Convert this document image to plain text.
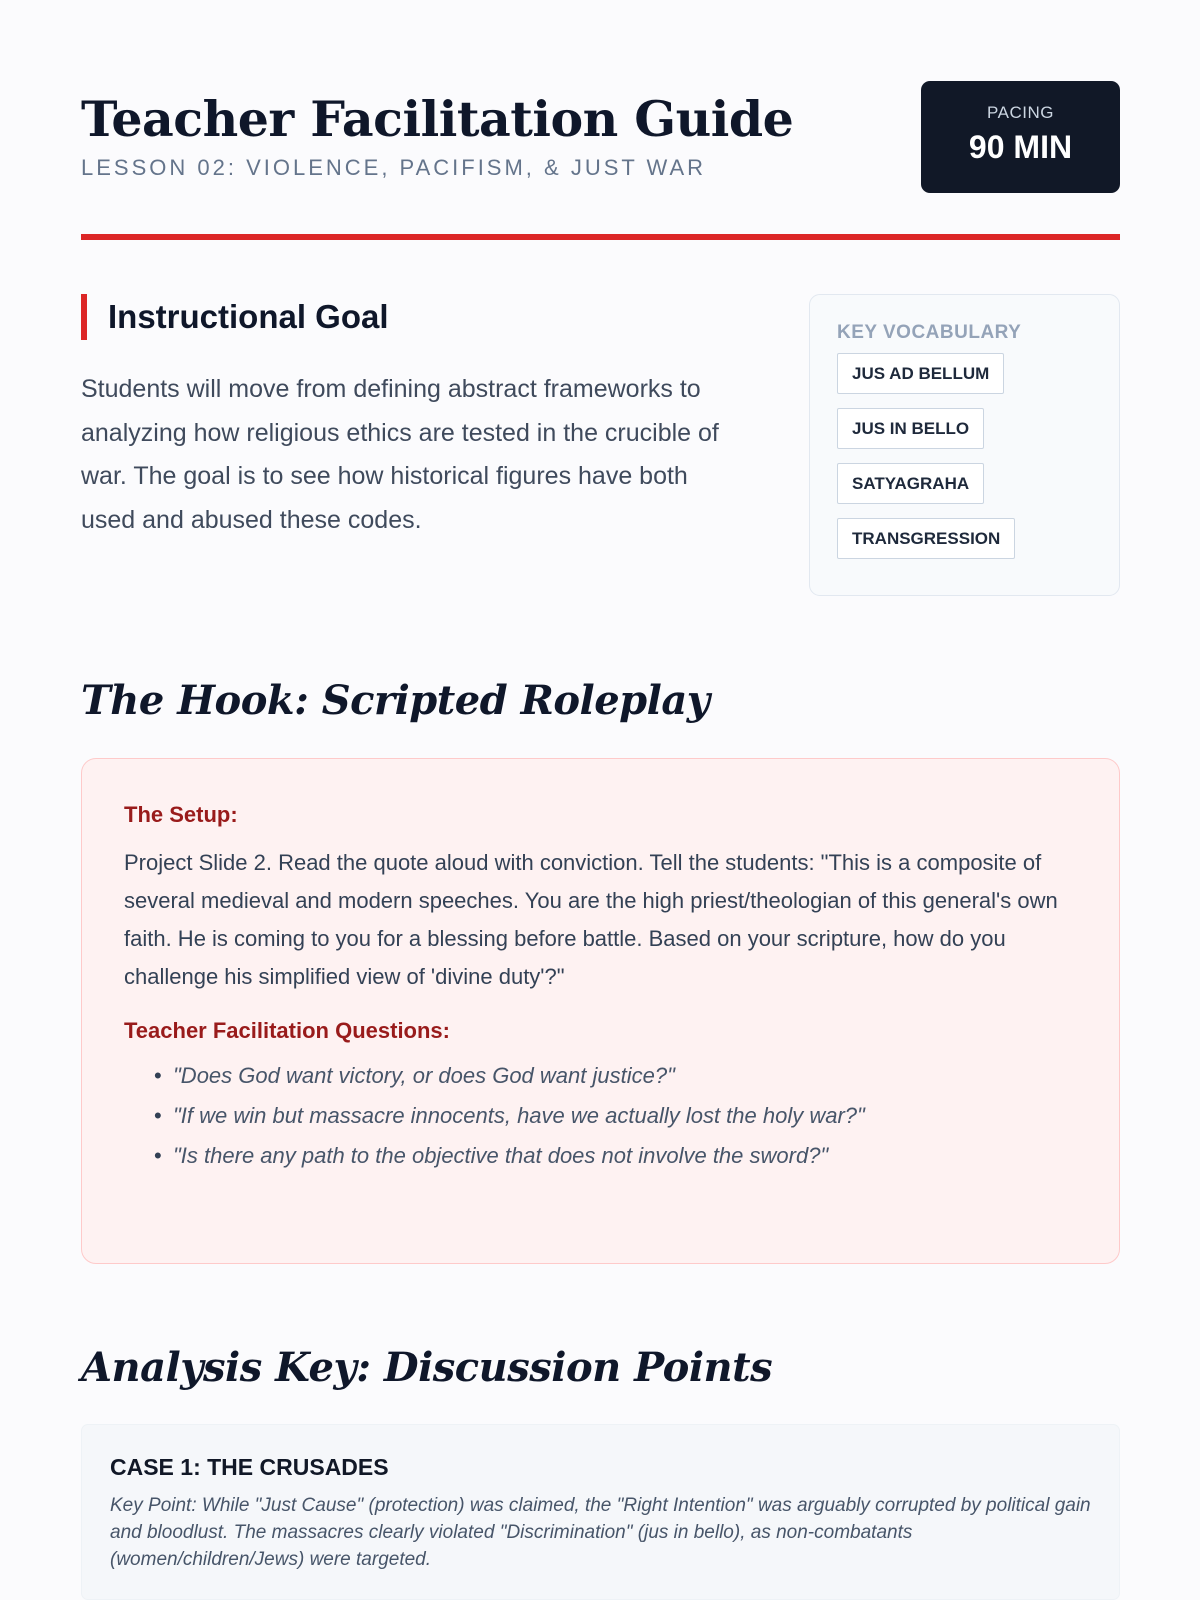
Teacher Facilitation Guide
LESSON 02: VIOLENCE, PACIFISM, & JUST WAR
PACING
90 MIN
Instructional Goal

Students will move from defining abstract frameworks to analyzing how religious ethics are tested in the crucible of war. The goal is to see how historical figures have both used and abused these codes.

KEY VOCABULARY
JUS AD BELLUM
JUS IN BELLO
SATYAGRAHA
TRANSGRESSION
The Hook: Scripted Roleplay
The Setup:

Project Slide 2. Read the quote aloud with conviction. Tell the students: "This is a composite of several medieval and modern speeches. You are the high priest/theologian of this general's own faith. He is coming to you for a blessing before battle. Based on your scripture, how do you challenge his simplified view of 'divine duty'?"

Teacher Facilitation Questions:
• "Does God want victory, or does God want justice?"
• "If we win but massacre innocents, have we actually lost the holy war?"
• "Is there any path to the objective that does not involve the sword?"
Analysis Key: Discussion Points
CASE 1: THE CRUSADES

Key Point: While "Just Cause" (protection) was claimed, the "Right Intention" was arguably corrupted by political gain and bloodlust. The massacres clearly violated "Discrimination" (jus in bello), as non-combatants (women/children/Jews) were targeted.
